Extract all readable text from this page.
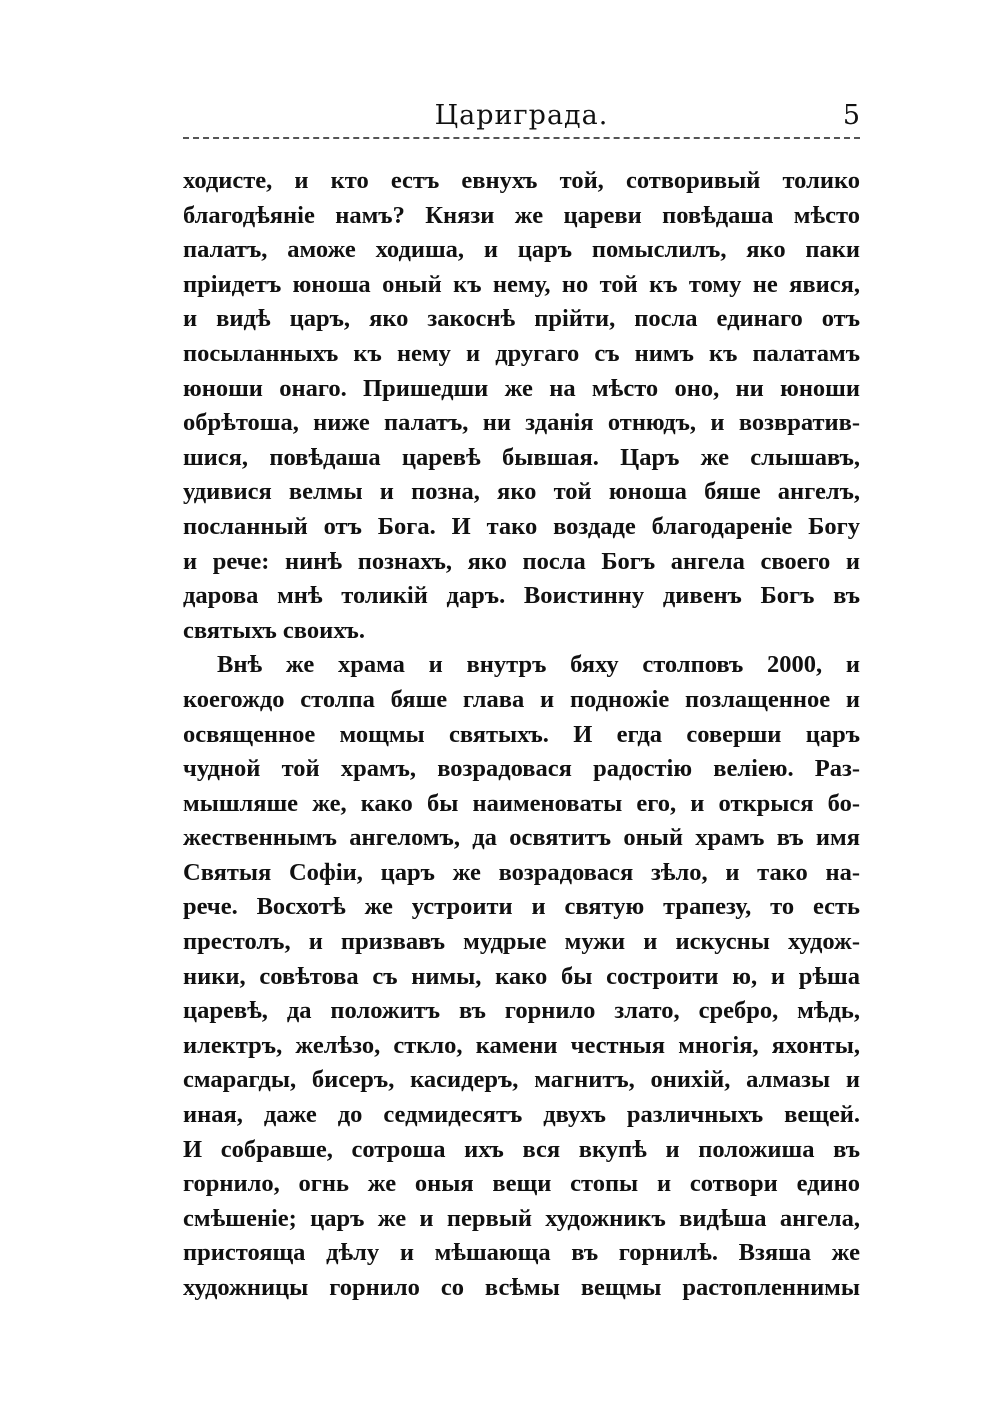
Цариграда.	5
ходисте, и кто естъ евнухъ той, сотворивый толико
благодѣяніе намъ? Князи же цареви повѣдаша мѣсто
палатъ, аможе ходиша, и царъ помыслилъ, яко паки
пріидетъ юноша оный къ нему, но той къ тому не явися,
и видѣ царъ, яко закоснѣ прійти, посла единаго отъ
посыланныхъ къ нему и другаго съ нимъ къ палатамъ
юноши онаго. Пришедши же на мѣсто оно, ни юноши
обрѣтоша, ниже палатъ, ни зданія отнюдъ, и возвратив-
шися, повѣдаша царевѣ бывшая. Царъ же слышавъ,
удивися велмы и позна, яко той юноша бяше ангелъ,
посланный отъ Бога. И тако воздаде благодареніе Богу
и рече: нинѣ познахъ, яко посла Богъ ангела своего и
дарова мнѣ толикій даръ. Воистинну дивенъ Богъ въ
святыхъ своихъ.
Внѣ же храма и внутръ бяху столповъ 2000, и
коегождо столпа бяше глава и подножіе позлащенное и
освященное мощмы святыхъ. И егда соверши царъ
чудной той храмъ, возрадовася радостію веліею. Раз-
мышляше же, како бы наименоваты его, и открыся бо-
жественнымъ ангеломъ, да освятитъ оный храмъ въ имя
Святыя Софіи, царъ же возрадовася зѣло, и тако на-
рече. Восхотѣ же устроити и святую трапезу, то есть
престолъ, и призвавъ мудрые мужи и искусны худож-
ники, совѣтова съ нимы, како бы состроити ю, и рѣша
царевѣ, да положитъ въ горнило злато, сребро, мѣдь,
илектръ, желѣзо, сткло, камени честныя многія, яхонты,
смарагды, бисеръ, касидеръ, магнитъ, онихій, алмазы и
иная, даже до седмидесятъ двухъ различныхъ вещей.
И собравше, сотроша ихъ вся вкупѣ и положиша въ
горнило, огнь же оныя вещи стопы и сотвори едино
смѣшеніе; царъ же и первый художникъ видѣша ангела,
пристояща дѣлу и мѣшающа въ горнилѣ. Взяша же
художницы горнило со всѣмы вещмы растопленнимы
